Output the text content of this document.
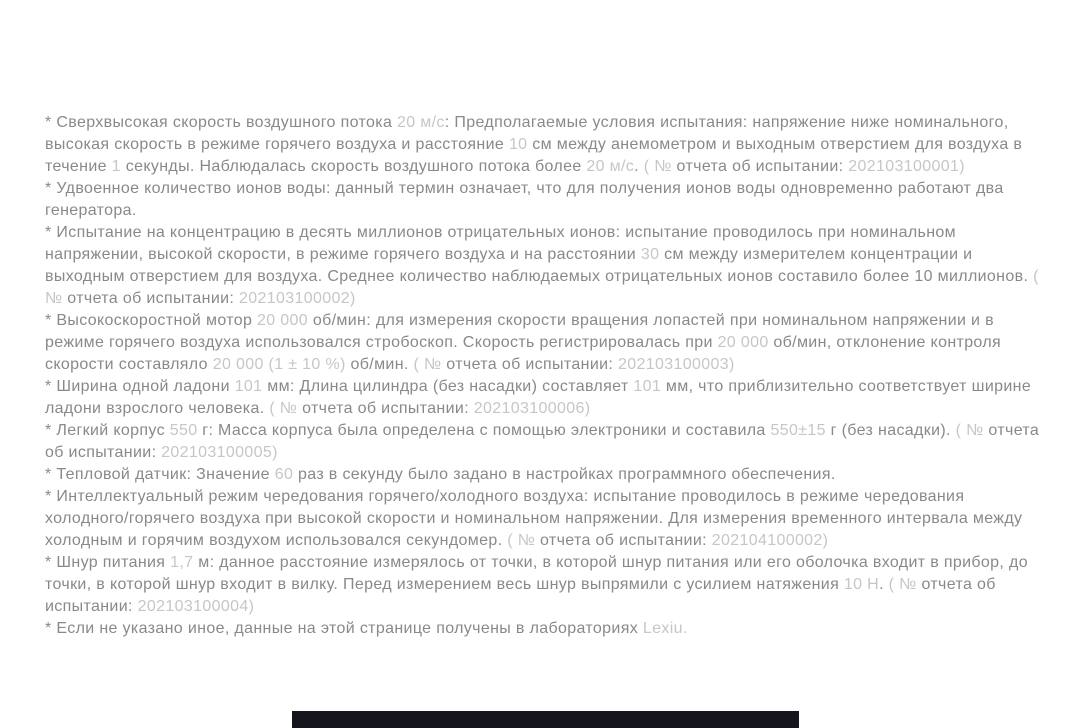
* Сверхвысокая скорость воздушного потока 20 м/с: Предполагаемые условия испытания: напряжение ниже номинального, высокая скорость в режиме горячего воздуха и расстояние 10 см между анемометром и выходным отверстием для воздуха в течение 1 секунды. Наблюдалась скорость воздушного потока более 20 м/с. ( № отчета об испытании: 202103100001)

* Удвоенное количество ионов воды: данный термин означает, что для получения ионов воды одновременно работают два генератора.

* Испытание на концентрацию в десять миллионов отрицательных ионов: испытание проводилось при номинальном напряжении, высокой скорости, в режиме горячего воздуха и на расстоянии 30 см между измерителем концентрации и выходным отверстием для воздуха. Среднее количество наблюдаемых отрицательных ионов составило более 10 миллионов. ( № отчета об испытании: 202103100002)

* Высокоскоростной мотор 20 000 об/мин: для измерения скорости вращения лопастей при номинальном напряжении и в режиме горячего воздуха использовался стробоскоп. Скорость регистрировалась при 20 000 об/мин, отклонение контроля скорости составляло 20 000 (1 ± 10 %) об/мин. ( № отчета об испытании: 202103100003)

* Ширина одной ладони 101 мм: Длина цилиндра (без насадки) составляет 101 мм, что приблизительно соответствует ширине ладони взрослого человека. ( № отчета об испытании: 202103100006)

* Легкий корпус 550 г: Масса корпуса была определена с помощью электроники и составила 550±15 г (без насадки). ( № отчета об испытании: 202103100005)

* Тепловой датчик: Значение 60 раз в секунду было задано в настройках программного обеспечения.

* Интеллектуальный режим чередования горячего/холодного воздуха: испытание проводилось в режиме чередования холодного/горячего воздуха при высокой скорости и номинальном напряжении. Для измерения временного интервала между холодным и горячим воздухом использовался секундомер. ( № отчета об испытании: 202104100002)

* Шнур питания 1,7 м: данное расстояние измерялось от точки, в которой шнур питания или его оболочка входит в прибор, до точки, в которой шнур входит в вилку. Перед измерением весь шнур выпрямили с усилием натяжения 10 Н. ( № отчета об испытании: 202103100004)

* Если не указано иное, данные на этой странице получены в лабораториях Lexiu.
